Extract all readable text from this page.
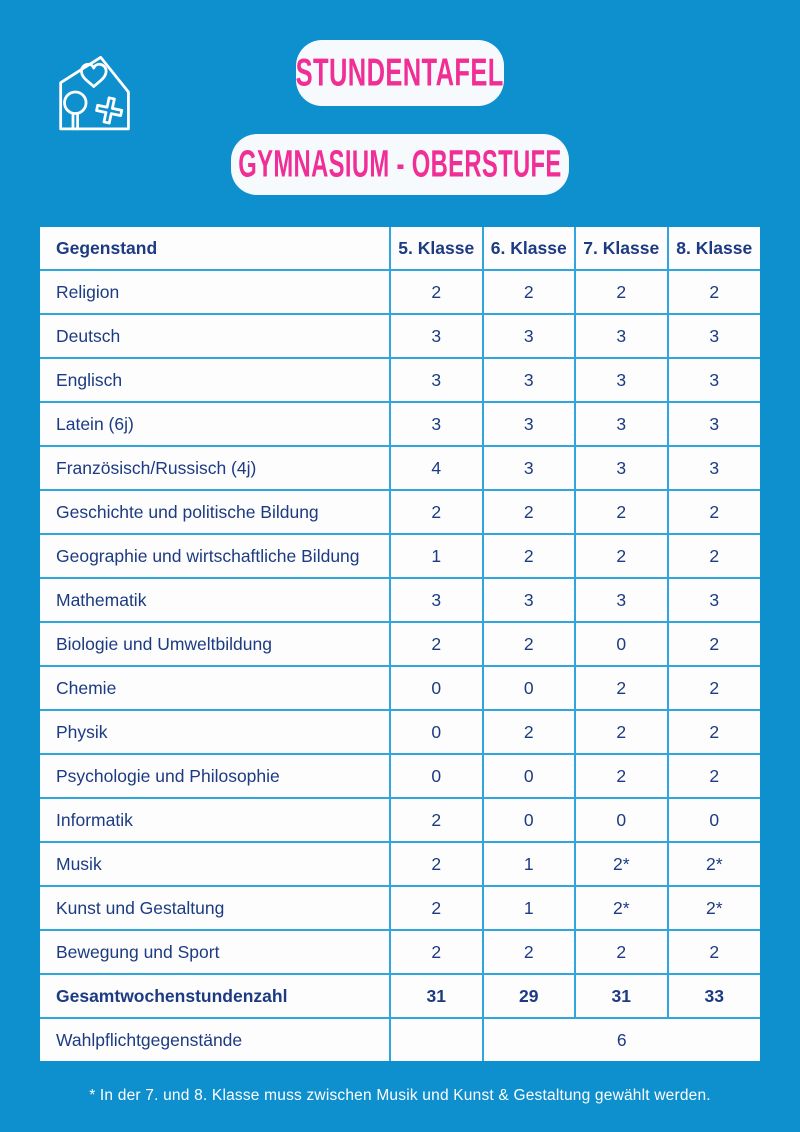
STUNDENTAFEL
GYMNASIUM - OBERSTUFE
Gegenstand	5. Klasse	6. Klasse	7. Klasse	8. Klasse
Religion	2	2	2	2
Deutsch	3	3	3	3
Englisch	3	3	3	3
Latein (6j)	3	3	3	3
Französisch/Russisch (4j)	4	3	3	3
Geschichte und politische Bildung	2	2	2	2
Geographie und wirtschaftliche Bildung	1	2	2	2
Mathematik	3	3	3	3
Biologie und Umweltbildung	2	2	0	2
Chemie	0	0	2	2
Physik	0	2	2	2
Psychologie und Philosophie	0	0	2	2
Informatik	2	0	0	0
Musik	2	1	2*	2*
Kunst und Gestaltung	2	1	2*	2*
Bewegung und Sport	2	2	2	2
Gesamtwochenstundenzahl	31	29	31	33
Wahlpflichtgegenstände		6		
* In der 7. und 8. Klasse muss zwischen Musik und Kunst & Gestaltung gewählt werden.
